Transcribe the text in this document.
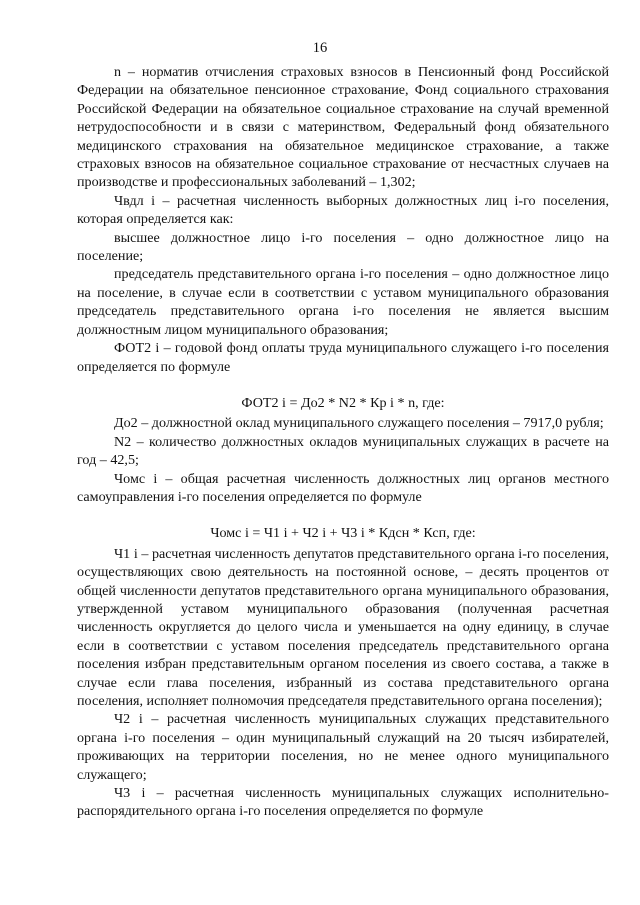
16

n – норматив отчисления страховых взносов в Пенсионный фонд Российской Федерации на обязательное пенсионное страхование, Фонд социального страхования Российской Федерации на обязательное социальное страхование на случай временной нетрудоспособности и в связи с материнством, Федеральный фонд обязательного медицинского страхования на обязательное медицинское страхование, а также страховых взносов на обязательное социальное страхование от несчастных случаев на производстве и профессиональных заболеваний – 1,302;

Чвдл i – расчетная численность выборных должностных лиц i-го поселения, которая определяется как:

высшее должностное лицо i-го поселения – одно должностное лицо на поселение;

председатель представительного органа i-го поселения – одно должностное лицо на поселение, в случае если в соответствии с уставом муниципального образования председатель представительного органа i-го поселения не является высшим должностным лицом муниципального образования;

ФОТ2 i – годовой фонд оплаты труда муниципального служащего i-го поселения определяется по формуле

ФОТ2 i = До2 * N2 * Кр i * n, где:

До2 – должностной оклад муниципального служащего поселения – 7917,0 рубля;

N2 – количество должностных окладов муниципальных служащих в расчете на год – 42,5;

Чомс i – общая расчетная численность должностных лиц органов местного самоуправления i-го поселения определяется по формуле

Чомс i = Ч1 i + Ч2 i + Ч3 i * Кдсн * Ксп, где:

Ч1 i – расчетная численность депутатов представительного органа i-го поселения, осуществляющих свою деятельность на постоянной основе, – десять процентов от общей численности депутатов представительного органа муниципального образования, утвержденной уставом муниципального образования (полученная расчетная численность округляется до целого числа и уменьшается на одну единицу, в случае если в соответствии с уставом поселения председатель представительного органа поселения избран представительным органом поселения из своего состава, а также в случае если глава поселения, избранный из состава представительного органа поселения, исполняет полномочия председателя представительного органа поселения);

Ч2 i – расчетная численность муниципальных служащих представительного органа i-го поселения – один муниципальный служащий на 20 тысяч избирателей, проживающих на территории поселения, но не менее одного муниципального служащего;

Ч3 i – расчетная численность муниципальных служащих исполнительно-распорядительного органа i-го поселения определяется по формуле
